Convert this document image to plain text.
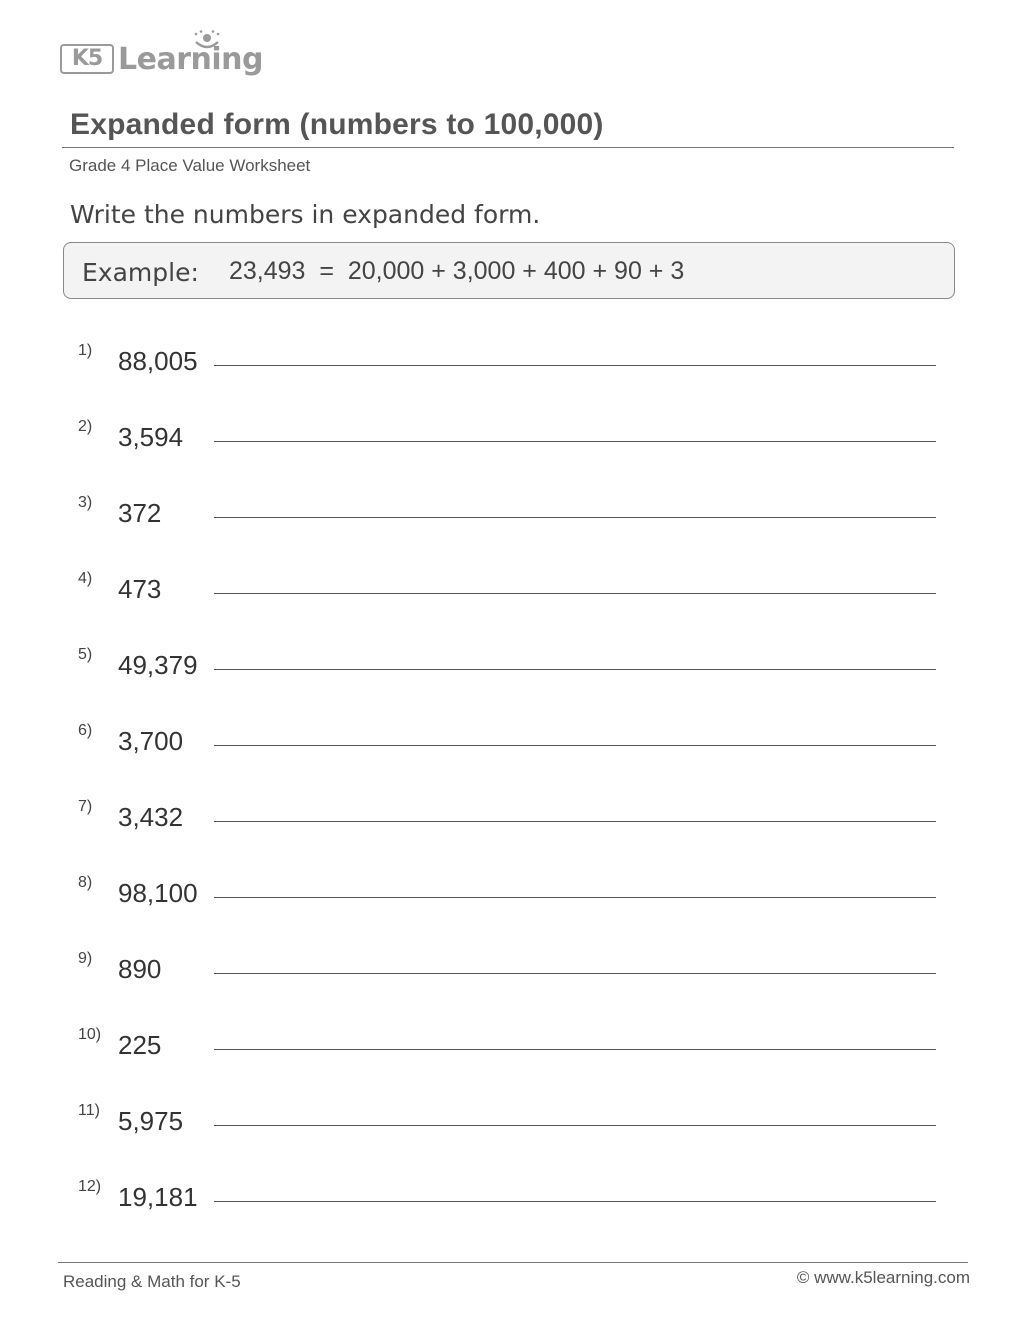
K5 Learning
Expanded form (numbers to 100,000)
Grade 4 Place Value Worksheet
Write the numbers in expanded form.
Example: 23,493  =  20,000 + 3,000 + 400 + 90 + 3
1) 88,005
2) 3,594
3) 372
4) 473
5) 49,379
6) 3,700
7) 3,432
8) 98,100
9) 890
10) 225
11) 5,975
12) 19,181
Reading & Math for K-5	© www.k5learning.com
